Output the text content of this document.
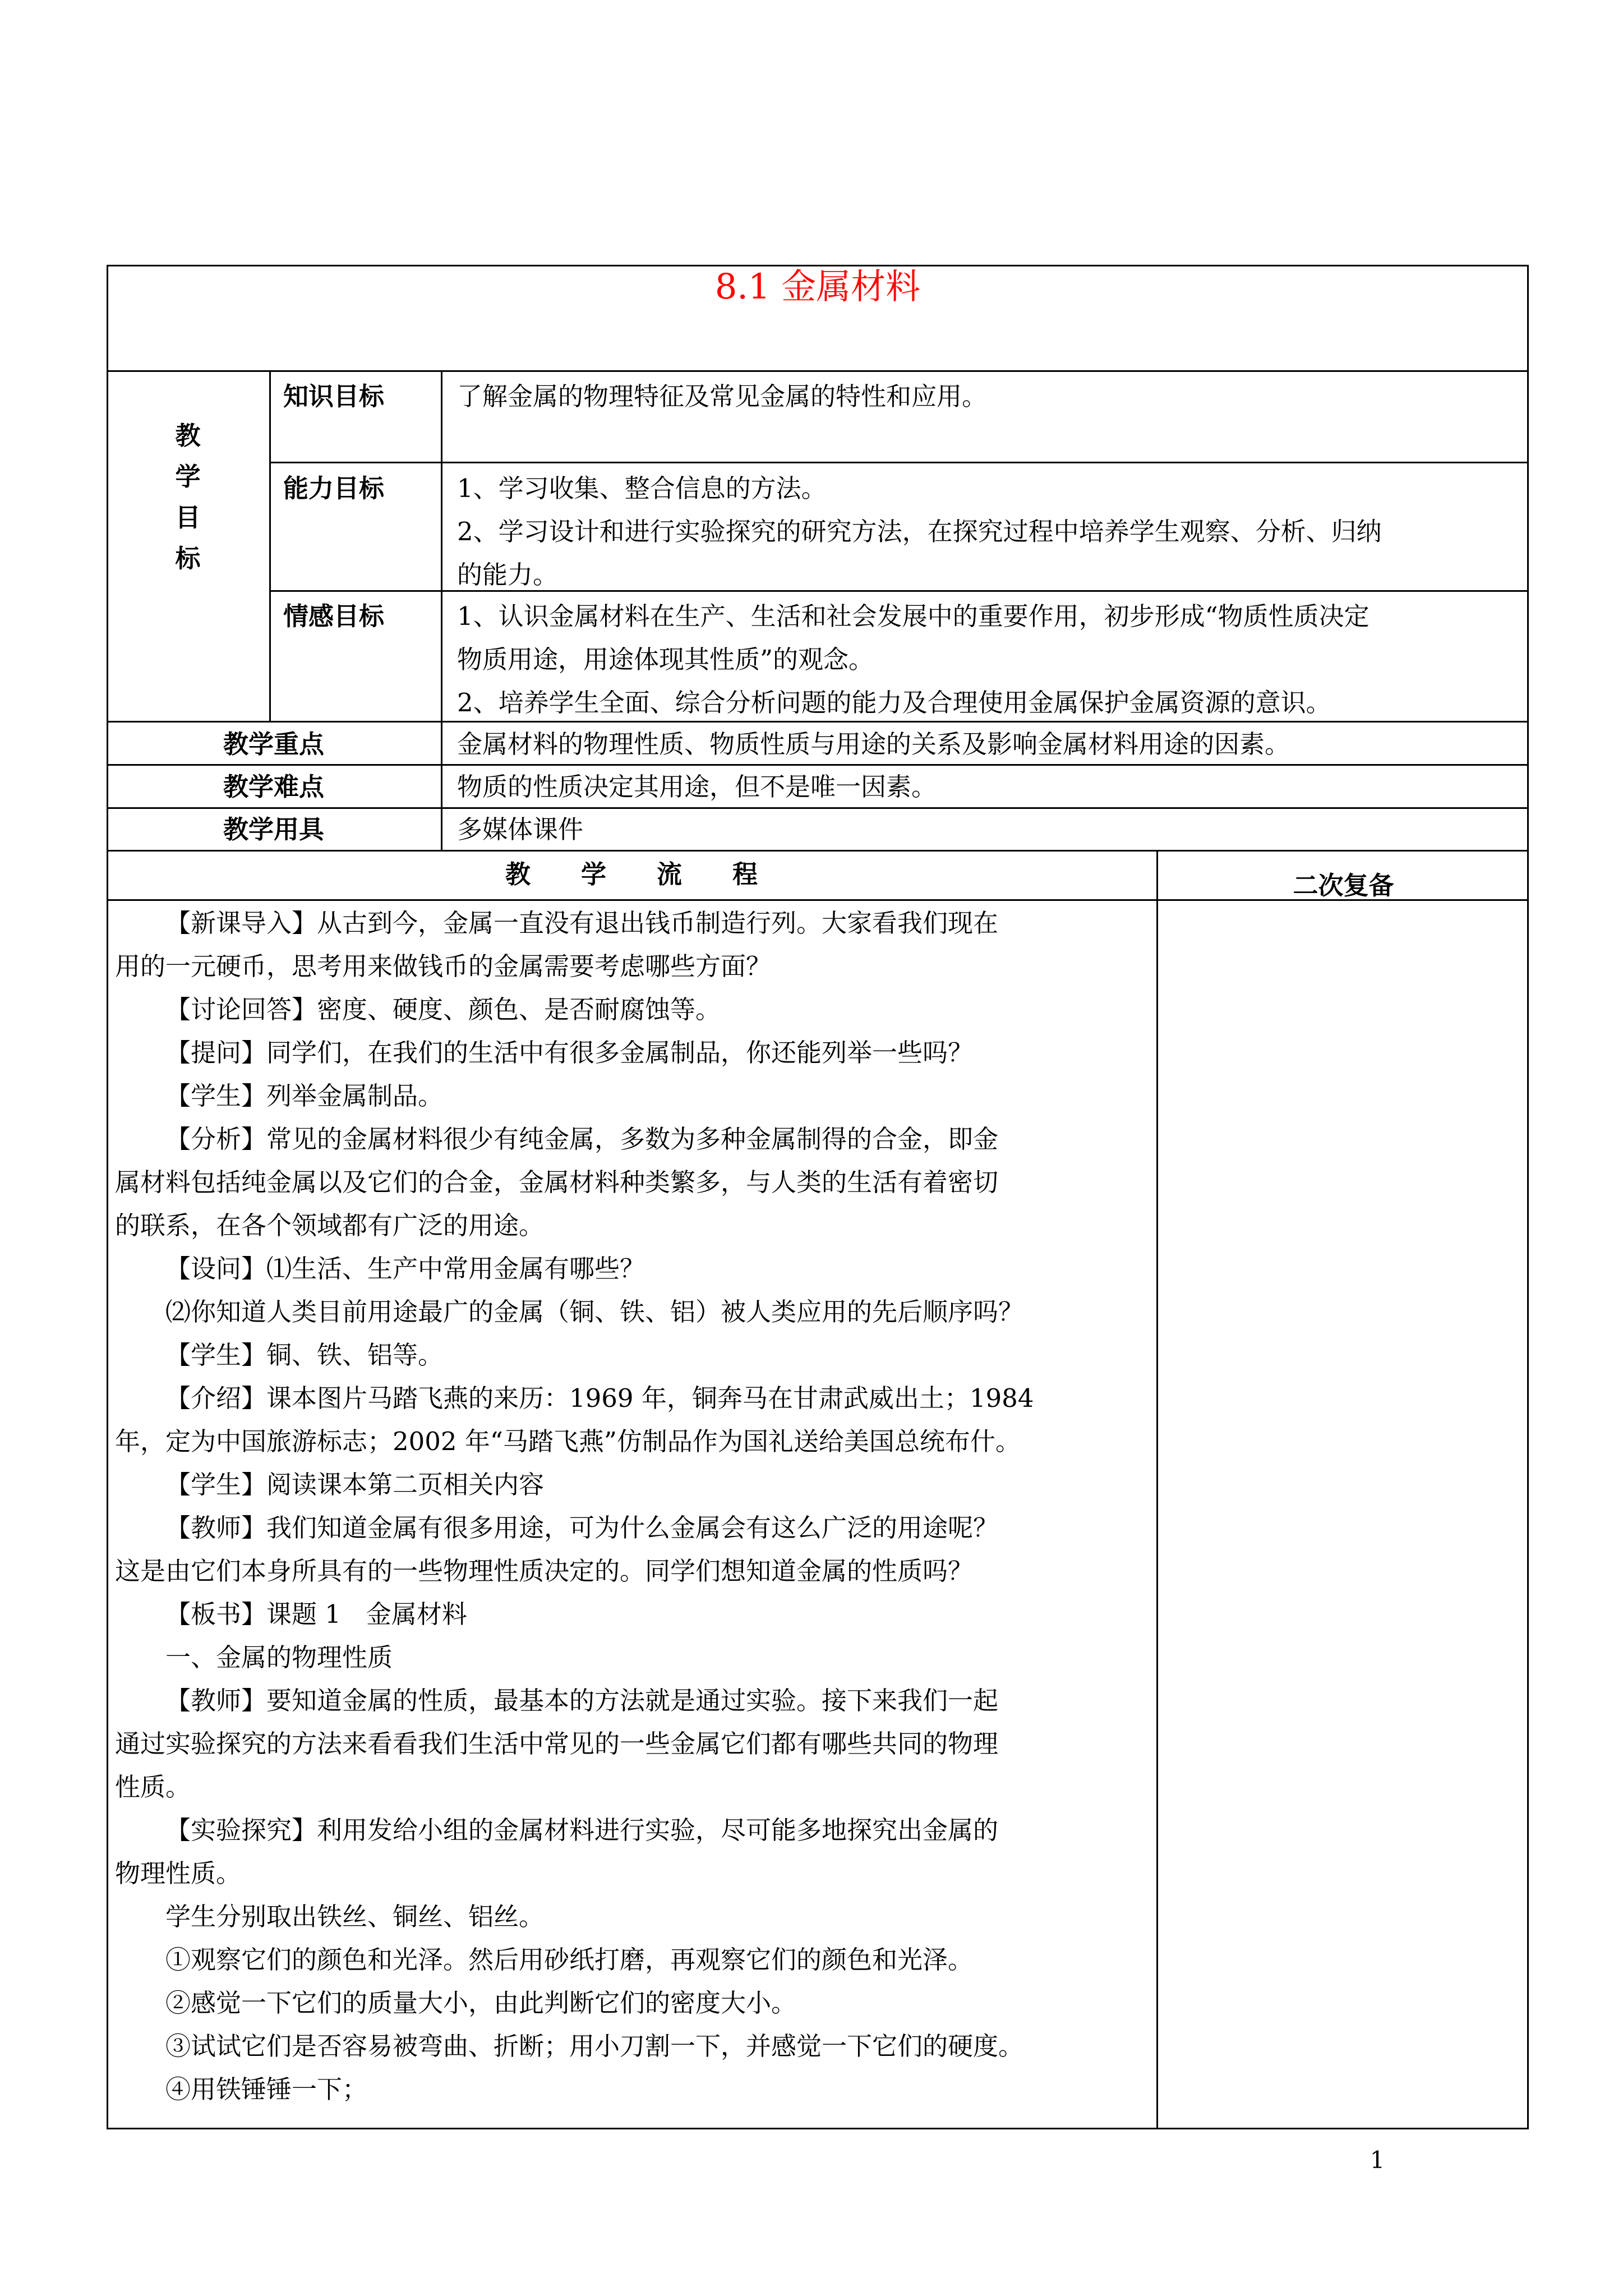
8.1 金属材料
教
学
目
标
知识目标	了解金属的物理特征及常见金属的特性和应用。
能力目标	1、学习收集、整合信息的方法。
2、学习设计和进行实验探究的研究方法，在探究过程中培养学生观察、分析、归纳
的能力。
情感目标	1、认识金属材料在生产、生活和社会发展中的重要作用，初步形成“物质性质决定
物质用途，用途体现其性质”的观念。
2、培养学生全面、综合分析问题的能力及合理使用金属保护金属资源的意识。
教学重点	金属材料的物理性质、物质性质与用途的关系及影响金属材料用途的因素。
教学难点	物质的性质决定其用途，但不是唯一因素。
教学用具	多媒体课件
教　　学　　流　　程	二次复备

【新课导入】从古到今，金属一直没有退出钱币制造行列。大家看我们现在

用的一元硬币，思考用来做钱币的金属需要考虑哪些方面？

【讨论回答】密度、硬度、颜色、是否耐腐蚀等。

【提问】同学们，在我们的生活中有很多金属制品，你还能列举一些吗？

【学生】列举金属制品。

【分析】常见的金属材料很少有纯金属，多数为多种金属制得的合金，即金

属材料包括纯金属以及它们的合金，金属材料种类繁多，与人类的生活有着密切

的联系，在各个领域都有广泛的用途。

【设问】⑴生活、生产中常用金属有哪些？

⑵你知道人类目前用途最广的金属（铜、铁、铝）被人类应用的先后顺序吗？

【学生】铜、铁、铝等。

【介绍】课本图片马踏飞燕的来历：1969 年，铜奔马在甘肃武威出土；1984

年，定为中国旅游标志；2002 年“马踏飞燕”仿制品作为国礼送给美国总统布什。

【学生】阅读课本第二页相关内容

【教师】我们知道金属有很多用途，可为什么金属会有这么广泛的用途呢？

这是由它们本身所具有的一些物理性质决定的。同学们想知道金属的性质吗？

【板书】课题 1　金属材料

一、金属的物理性质

【教师】要知道金属的性质，最基本的方法就是通过实验。接下来我们一起

通过实验探究的方法来看看我们生活中常见的一些金属它们都有哪些共同的物理

性质。

【实验探究】利用发给小组的金属材料进行实验，尽可能多地探究出金属的

物理性质。

学生分别取出铁丝、铜丝、铝丝。

①观察它们的颜色和光泽。然后用砂纸打磨，再观察它们的颜色和光泽。

②感觉一下它们的质量大小，由此判断它们的密度大小。

③试试它们是否容易被弯曲、折断；用小刀割一下，并感觉一下它们的硬度。

④用铁锤锤一下；

1
